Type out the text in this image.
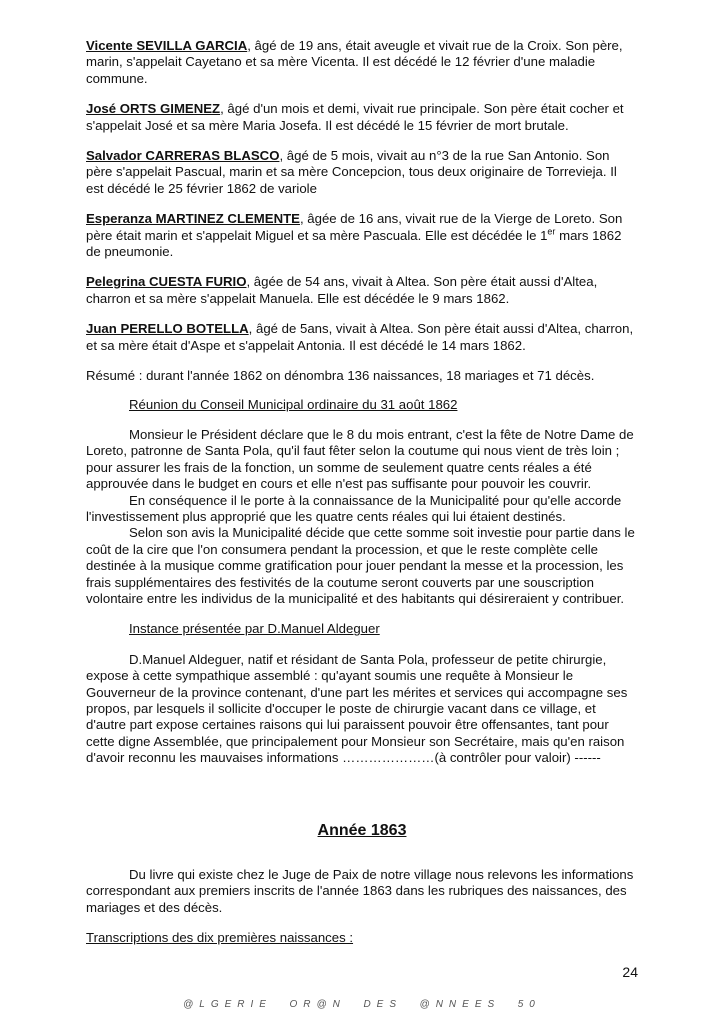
Vicente SEVILLA GARCIA, âgé de 19 ans, était aveugle et vivait rue de la Croix. Son père, marin, s'appelait Cayetano et sa mère Vicenta. Il est décédé le 12 février d'une maladie commune.
José ORTS GIMENEZ, âgé d'un mois et demi, vivait rue principale. Son père était cocher et s'appelait José et sa mère Maria Josefa. Il est décédé le 15 février de mort brutale.
Salvador CARRERAS BLASCO, âgé de 5 mois, vivait au n°3 de la rue San Antonio. Son père s'appelait Pascual, marin et sa mère Concepcion, tous deux originaire de Torrevieja. Il est décédé le 25 février 1862 de variole
Esperanza MARTINEZ CLEMENTE, âgée de 16 ans, vivait rue de la Vierge de Loreto. Son père était marin et s'appelait Miguel et sa mère Pascuala. Elle est décédée le 1er mars 1862 de pneumonie.
Pelegrina CUESTA FURIO, âgée de 54 ans, vivait à Altea. Son père était aussi d'Altea, charron et sa mère s'appelait Manuela. Elle est décédée le 9 mars 1862.
Juan PERELLO BOTELLA, âgé de 5ans, vivait à Altea. Son père était aussi d'Altea, charron, et sa mère était d'Aspe et s'appelait Antonia. Il est décédé le 14 mars 1862.

Résumé : durant l'année 1862 on dénombra 136 naissances, 18 mariages et 71 décès.

Réunion du Conseil Municipal ordinaire du 31 août 1862

Monsieur le Président déclare que le 8 du mois entrant, c'est la fête de Notre Dame de Loreto, patronne de Santa Pola, qu'il faut fêter selon la coutume qui nous vient de très loin ; pour assurer les frais de la fonction, un somme de seulement quatre cents réales a été approuvée dans le budget en cours et elle n'est pas suffisante pour pouvoir les couvrir.

En conséquence il le porte à la connaissance de la Municipalité pour qu'elle accorde l'investissement plus approprié que les quatre cents réales qui lui étaient destinés.

Selon son avis la Municipalité décide que cette somme soit investie pour partie dans le coût de la cire que l'on consumera pendant la procession, et que le reste complète celle destinée à la musique comme gratification pour jouer pendant la messe et la procession, les frais supplémentaires des festivités de la coutume seront couverts par une souscription volontaire entre les individus de la municipalité et des habitants qui désireraient y contribuer.

Instance présentée par D.Manuel Aldeguer

D.Manuel Aldeguer, natif et résidant de Santa Pola, professeur de petite chirurgie, expose à cette sympathique assemblé : qu'ayant soumis une requête à Monsieur le Gouverneur de la province contenant, d'une part les mérites et services qui accompagne ses propos, par lesquels il sollicite d'occuper le poste de chirurgie vacant dans ce village, et d'autre part expose certaines raisons qui lui paraissent pouvoir être offensantes, tant pour cette digne Assemblée, que principalement pour Monsieur son Secrétaire, mais qu'en raison d'avoir reconnu les mauvaises informations …………………(à contrôler pour valoir) ------

Année 1863

Du livre qui existe chez le Juge de Paix de notre village nous relevons les informations correspondant aux premiers inscrits de l'année 1863 dans les rubriques des naissances, des mariages et des décès.

Transcriptions des dix premières naissances :

24
@LGERIE  OR@N  DES  @NNEES  50
